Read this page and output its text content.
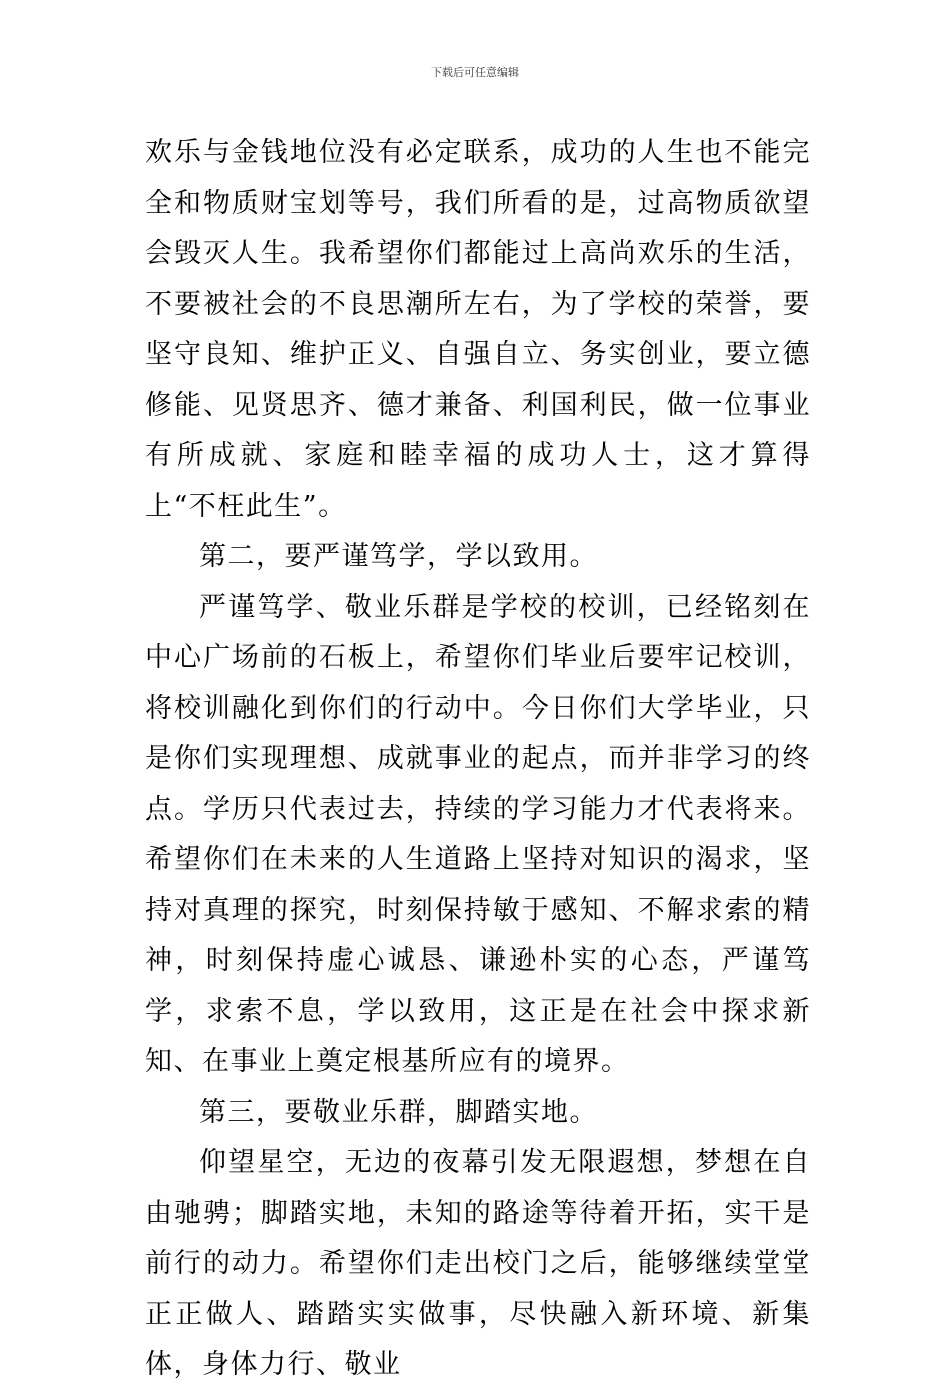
下载后可任意编辑

欢乐与金钱地位没有必定联系，成功的人生也不能完全和物质财宝划等号，我们所看的是，过高物质欲望会毁灭人生。我希望你们都能过上高尚欢乐的生活，不要被社会的不良思潮所左右，为了学校的荣誉，要坚守良知、维护正义、自强自立、务实创业，要立德修能、见贤思齐、德才兼备、利国利民，做一位事业有所成就、家庭和睦幸福的成功人士，这才算得上“不枉此生”。

第二，要严谨笃学，学以致用。

严谨笃学、敬业乐群是学校的校训，已经铭刻在中心广场前的石板上，希望你们毕业后要牢记校训，将校训融化到你们的行动中。今日你们大学毕业，只是你们实现理想、成就事业的起点，而并非学习的终点。学历只代表过去，持续的学习能力才代表将来。希望你们在未来的人生道路上坚持对知识的渴求，坚持对真理的探究，时刻保持敏于感知、不解求索的精神，时刻保持虚心诚恳、谦逊朴实的心态，严谨笃学，求索不息，学以致用，这正是在社会中探求新知、在事业上奠定根基所应有的境界。

第三，要敬业乐群，脚踏实地。

仰望星空，无边的夜幕引发无限遐想，梦想在自由驰骋；脚踏实地，未知的路途等待着开拓，实干是前行的动力。希望你们走出校门之后，能够继续堂堂正正做人、踏踏实实做事，尽快融入新环境、新集体，身体力行、敬业
